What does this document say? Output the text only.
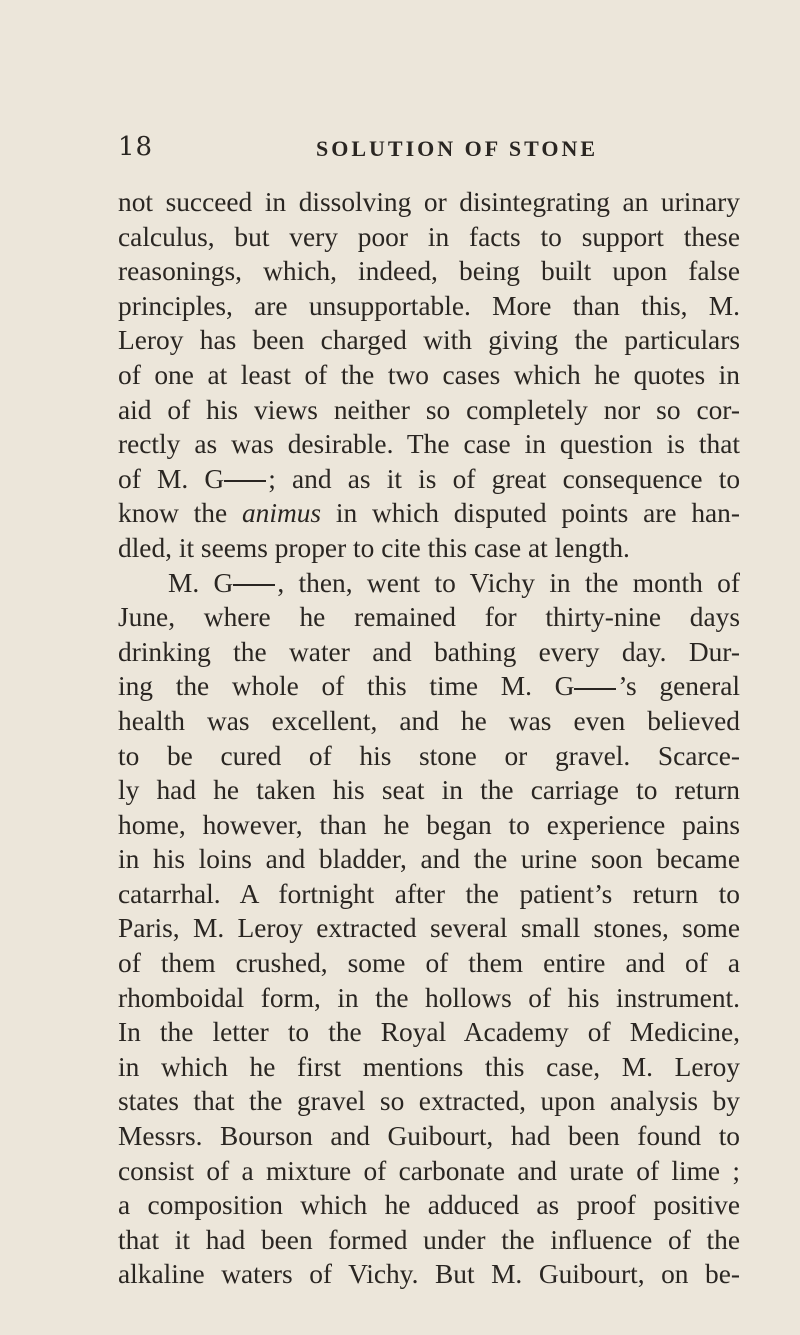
18	SOLUTION OF STONE
not succeed in dissolving or disintegrating an urinary
calculus, but very poor in facts to support these
reasonings, which, indeed, being built upon false
principles, are unsupportable. More than this, M.
Leroy has been charged with giving the particulars
of one at least of the two cases which he quotes in
aid of his views neither so completely nor so cor-
rectly as was desirable. The case in question is that
of M. G ; and as it is of great consequence to
know the animus in which disputed points are han-
dled, it seems proper to cite this case at length.
M. G , then, went to Vichy in the month of
June, where he remained for thirty-nine days
drinking the water and bathing every day. Dur-
ing the whole of this time M. G ’s general
health was excellent, and he was even believed
to be cured of his stone or gravel. Scarce-
ly had he taken his seat in the carriage to return
home, however, than he began to experience pains
in his loins and bladder, and the urine soon became
catarrhal. A fortnight after the patient’s return to
Paris, M. Leroy extracted several small stones, some
of them crushed, some of them entire and of a
rhomboidal form, in the hollows of his instrument.
In the letter to the Royal Academy of Medicine,
in which he first mentions this case, M. Leroy
states that the gravel so extracted, upon analysis by
Messrs. Bourson and Guibourt, had been found to
consist of a mixture of carbonate and urate of lime ;
a composition which he adduced as proof positive
that it had been formed under the influence of the
alkaline waters of Vichy. But M. Guibourt, on be-
